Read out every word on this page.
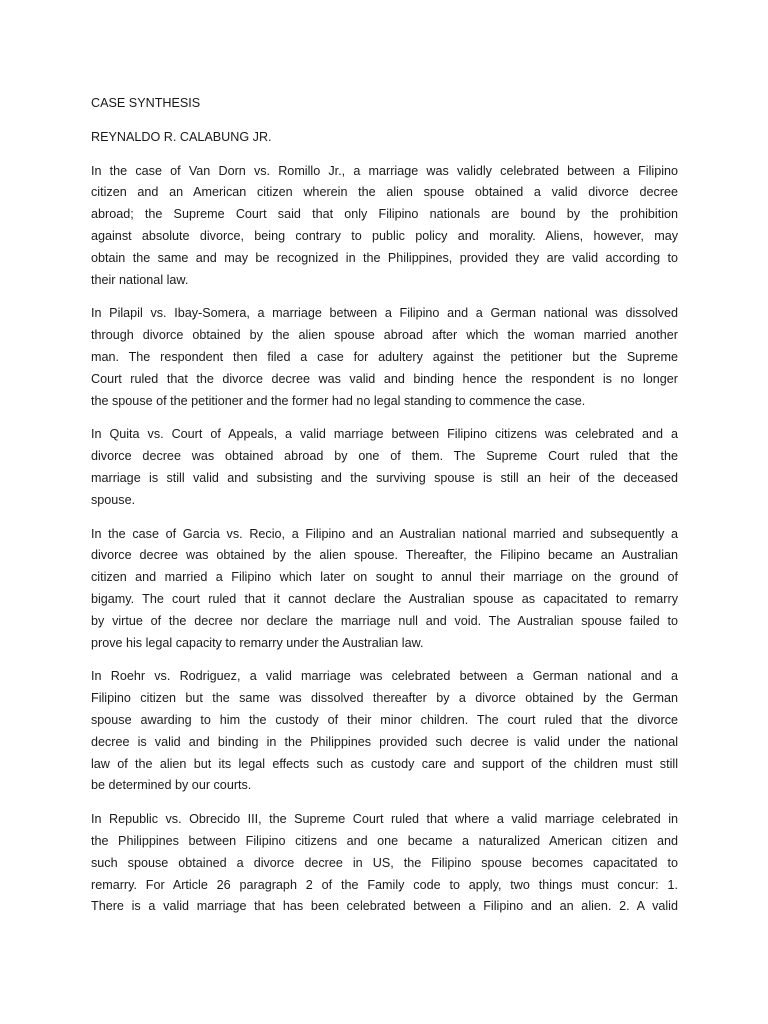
CASE SYNTHESIS
REYNALDO R. CALABUNG JR.
In the case of Van Dorn vs. Romillo Jr., a marriage was validly celebrated between a Filipino
citizen and an American citizen wherein the alien spouse obtained a valid divorce decree
abroad; the Supreme Court said that only Filipino nationals are bound by the prohibition
against absolute divorce, being contrary to public policy and morality. Aliens, however, may
obtain the same and may be recognized in the Philippines, provided they are valid according to
their national law.
In Pilapil vs. Ibay-Somera, a marriage between a Filipino and a German national was dissolved
through divorce obtained by the alien spouse abroad after which the woman married another
man. The respondent then filed a case for adultery against the petitioner but the Supreme
Court ruled that the divorce decree was valid and binding hence the respondent is no longer
the spouse of the petitioner and the former had no legal standing to commence the case.
In Quita vs. Court of Appeals, a valid marriage between Filipino citizens was celebrated and a
divorce decree was obtained abroad by one of them. The Supreme Court ruled that the
marriage is still valid and subsisting and the surviving spouse is still an heir of the deceased
spouse.
In the case of Garcia vs. Recio, a Filipino and an Australian national married and subsequently a
divorce decree was obtained by the alien spouse. Thereafter, the Filipino became an Australian
citizen and married a Filipino which later on sought to annul their marriage on the ground of
bigamy. The court ruled that it cannot declare the Australian spouse as capacitated to remarry
by virtue of the decree nor declare the marriage null and void. The Australian spouse failed to
prove his legal capacity to remarry under the Australian law.
In Roehr vs. Rodriguez, a valid marriage was celebrated between a German national and a
Filipino citizen but the same was dissolved thereafter by a divorce obtained by the German
spouse awarding to him the custody of their minor children. The court ruled that the divorce
decree is valid and binding in the Philippines provided such decree is valid under the national
law of the alien but its legal effects such as custody care and support of the children must still
be determined by our courts.
In Republic vs. Obrecido III, the Supreme Court ruled that where a valid marriage celebrated in
the Philippines between Filipino citizens and one became a naturalized American citizen and
such spouse obtained a divorce decree in US, the Filipino spouse becomes capacitated to
remarry. For Article 26 paragraph 2 of the Family code to apply, two things must concur: 1.
There is a valid marriage that has been celebrated between a Filipino and an alien. 2. A valid
